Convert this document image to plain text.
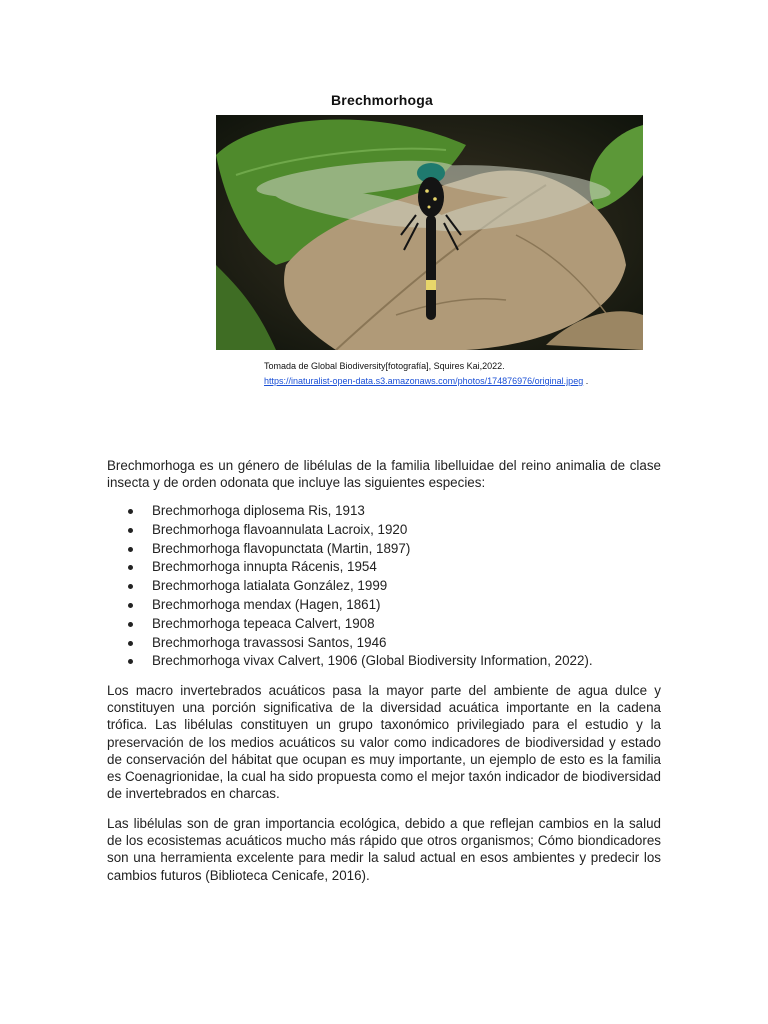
Brechmorhoga
Tomada de Global Biodiversity[fotografía], Squires Kai,2022.
https://inaturalist-open-data.s3.amazonaws.com/photos/174876976/original.jpeg .
Brechmorhoga es un género de libélulas de la familia libelluidae del reino animalia de clase insecta y de orden odonata que incluye las siguientes especies:
Brechmorhoga diplosema Ris, 1913
Brechmorhoga flavoannulata Lacroix, 1920
Brechmorhoga flavopunctata (Martin, 1897)
Brechmorhoga innupta Rácenis, 1954
Brechmorhoga latialata González, 1999
Brechmorhoga mendax (Hagen, 1861)
Brechmorhoga tepeaca Calvert, 1908
Brechmorhoga travassosi Santos, 1946
Brechmorhoga vivax Calvert, 1906 (Global Biodiversity Information, 2022).
Los macro invertebrados acuáticos pasa la mayor parte del ambiente de agua dulce y constituyen una porción significativa de la diversidad acuática importante en la cadena trófica. Las libélulas constituyen un grupo taxonómico privilegiado para el estudio y la preservación de los medios acuáticos su valor como indicadores de biodiversidad y estado de conservación del hábitat que ocupan es muy importante, un ejemplo de esto es la familia es Coenagrionidae, la cual ha sido propuesta como el mejor taxón indicador de biodiversidad de invertebrados en charcas.
Las libélulas son de gran importancia ecológica, debido a que reflejan cambios en la salud de los ecosistemas acuáticos mucho más rápido que otros organismos; Cómo biondicadores son una herramienta excelente para medir la salud actual en esos ambientes y predecir los cambios futuros (Biblioteca Cenicafe, 2016).
